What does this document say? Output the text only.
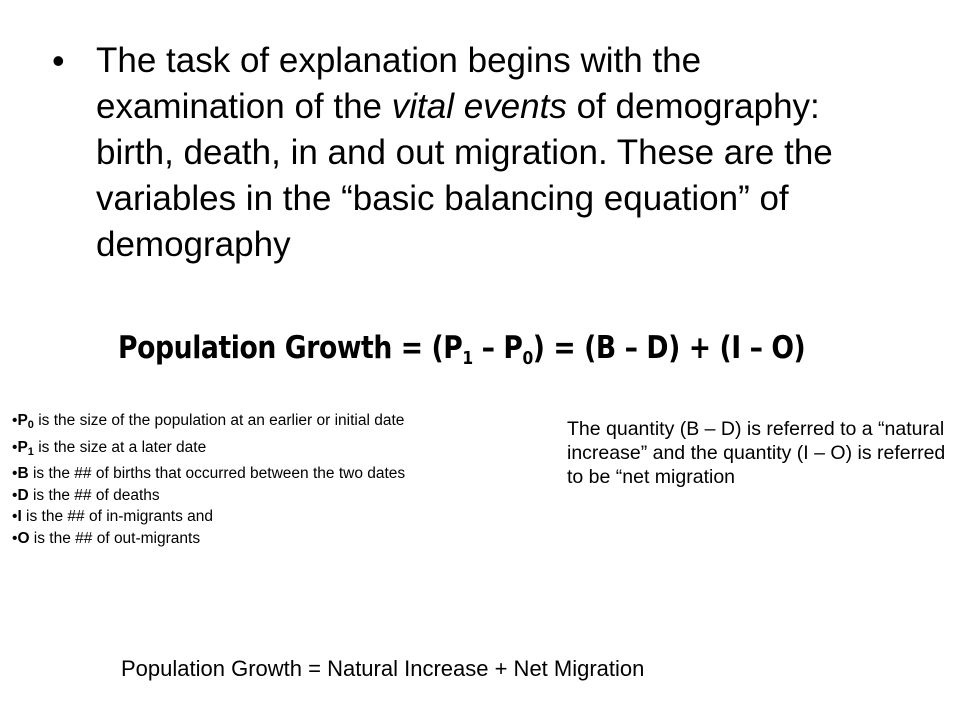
• The task of explanation begins with the examination of the vital events of demography: birth, death, in and out migration. These are the variables in the “basic balancing equation” of demography
Population Growth = $(P_1 - P_0) = (B - D) + (I - O)$
$•P_0$ is the size of the population at an earlier or initial date
$•P_1$ is the size at a later date
•B is the ## of births that occurred between the two dates
•D is the ## of deaths
•I is the ## of in-migrants and
•O is the ## of out-migrants
The quantity (B – D) is referred to a “natural increase” and the quantity (I – O) is referred to be “net migration
Population Growth = Natural Increase + Net Migration
